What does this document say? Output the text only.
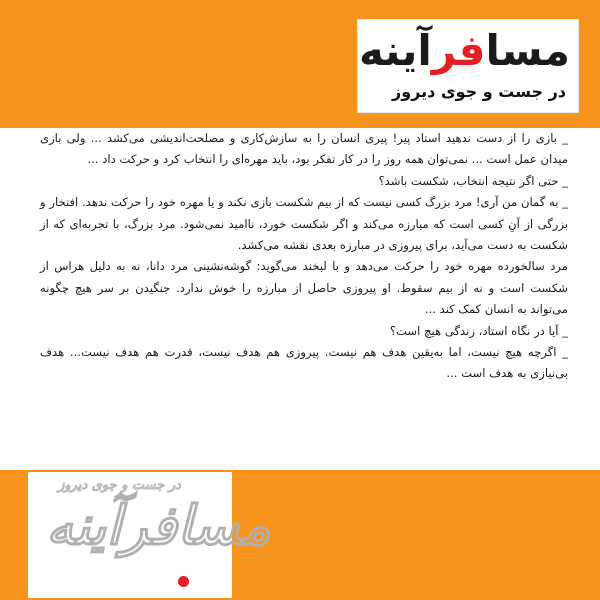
مسافرآینه
در جست و جوی دیروز

_ بازی را از دست ندهید استاد پیر! پیری انسان را به سازش‌کاری و مصلحت‌اندیشی می‌کشد ... ولی بازی میدان عمل است ... نمی‌توان همه روز را در کار تفکر بود، باید مهره‌ای را انتخاب کرد و حرکت داد ...

_ حتی اگر نتیجه انتخاب، شکست باشد؟

_ به گمان من آری! مرد بزرگ کسی نیست که از بیم شکست بازی نکند و یا مهره خود را حرکت ندهد. افتخار و بزرگی از آنِ کسی است که مبارزه می‌کند و اگر شکست خورد، ناامید نمی‌شود. مرد بزرگ، با تجربه‌ای که از شکست به دست می‌آید، برای پیروزی در مبارزه بعدی نقشه می‌کشد.

مرد سالخورده مهره خود را حرکت می‌دهد و با لبخند می‌گوید: گوشه‌نشینی مرد دانا، نه به دلیل هراس از شکست است و نه از بیم سقوط. او پیروزی حاصل از مبارزه را خوش ندارد. جنگیدن بر سر هیچ چگونه می‌تواند به انسان کمک کند ...

_ آیا در نگاه استاد، زندگی هیچ است؟

_ اگرچه هیچ نیست، اما به‌یقین هدف هم نیست. پیروزی هم هدف نیست، قدرت هم هدف نیست... هدف بی‌نیازی به هدف است ...

در جست و جوی دیروز
مسافرآینه
